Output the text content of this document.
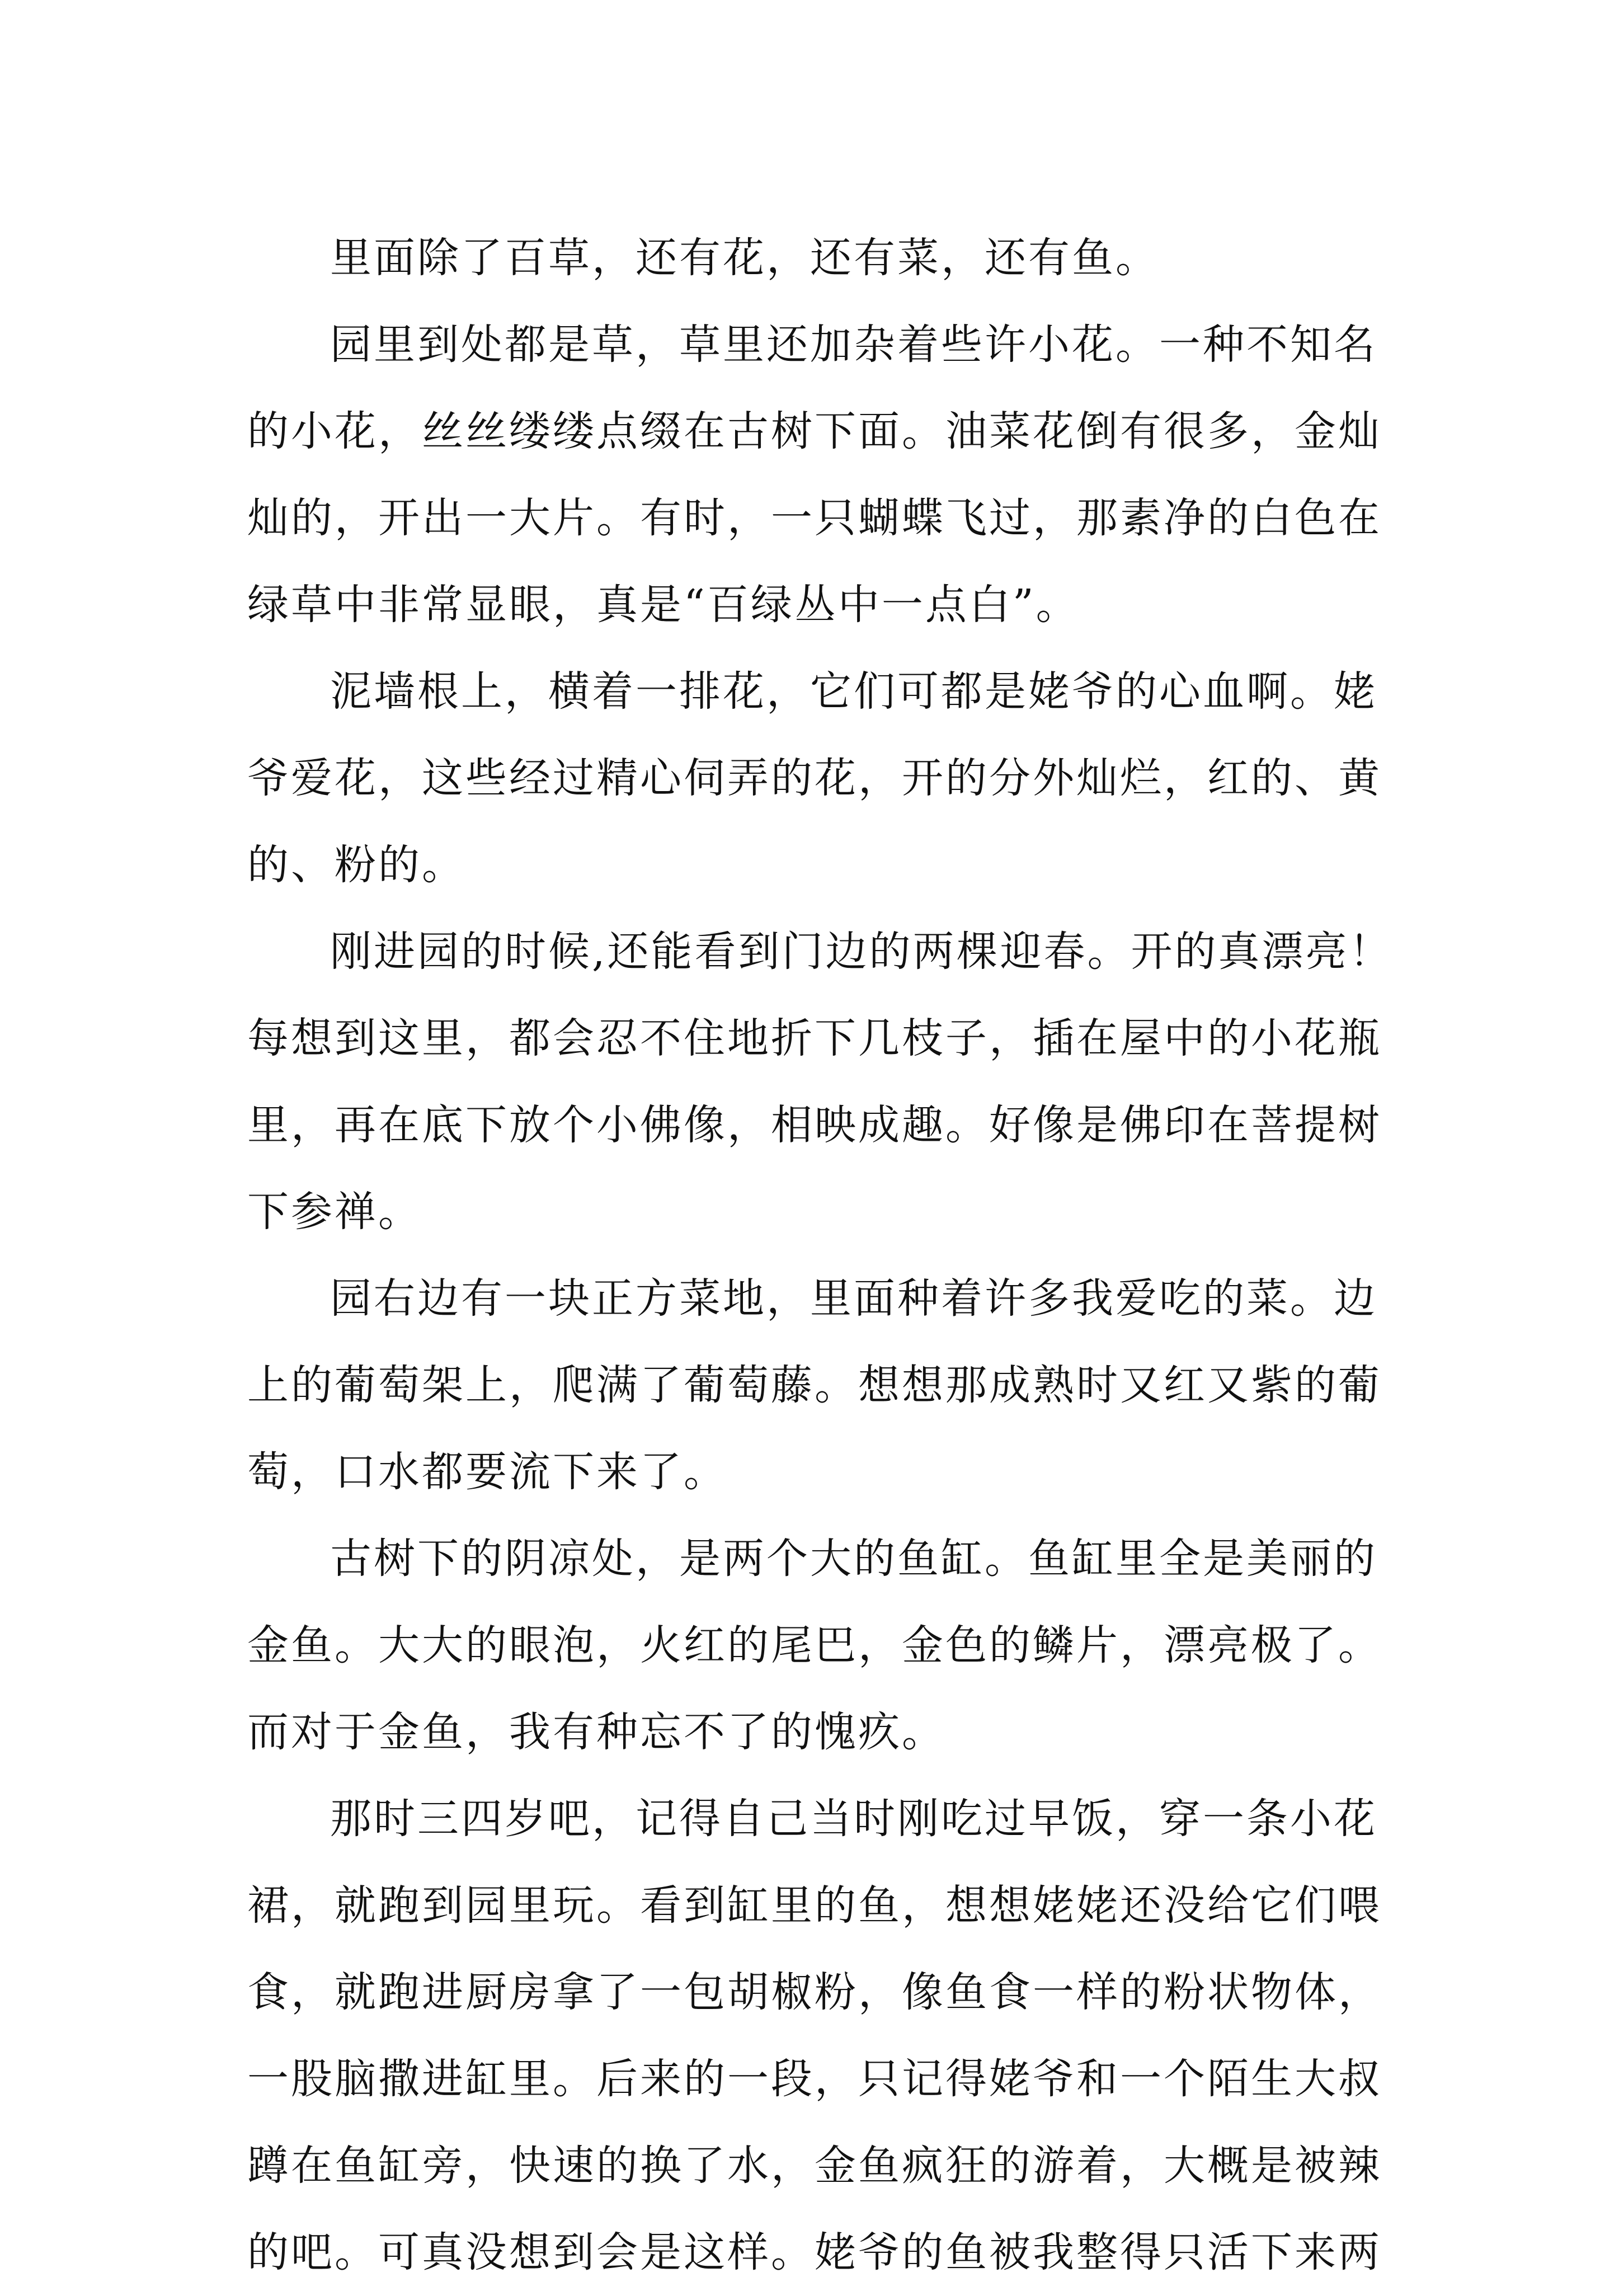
里面除了百草，还有花，还有菜，还有鱼。
园里到处都是草，草里还加杂着些许小花。一种不知名
的小花，丝丝缕缕点缀在古树下面。油菜花倒有很多，金灿
灿的，开出一大片。有时，一只蝴蝶飞过，那素净的白色在
绿草中非常显眼，真是“百绿丛中一点白”。
泥墙根上，横着一排花，它们可都是姥爷的心血啊。姥
爷爱花，这些经过精心伺弄的花，开的分外灿烂，红的、黄
的、粉的。
刚进园的时候,还能看到门边的两棵迎春。开的真漂亮！
每想到这里，都会忍不住地折下几枝子，插在屋中的小花瓶
里，再在底下放个小佛像，相映成趣。好像是佛印在菩提树
下参禅。
园右边有一块正方菜地，里面种着许多我爱吃的菜。边
上的葡萄架上，爬满了葡萄藤。想想那成熟时又红又紫的葡
萄，口水都要流下来了。
古树下的阴凉处，是两个大的鱼缸。鱼缸里全是美丽的
金鱼。大大的眼泡，火红的尾巴，金色的鳞片，漂亮极了。
而对于金鱼，我有种忘不了的愧疚。
那时三四岁吧，记得自己当时刚吃过早饭，穿一条小花
裙，就跑到园里玩。看到缸里的鱼，想想姥姥还没给它们喂
食，就跑进厨房拿了一包胡椒粉，像鱼食一样的粉状物体，
一股脑撒进缸里。后来的一段，只记得姥爷和一个陌生大叔
蹲在鱼缸旁，快速的换了水，金鱼疯狂的游着，大概是被辣
的吧。可真没想到会是这样。姥爷的鱼被我整得只活下来两
